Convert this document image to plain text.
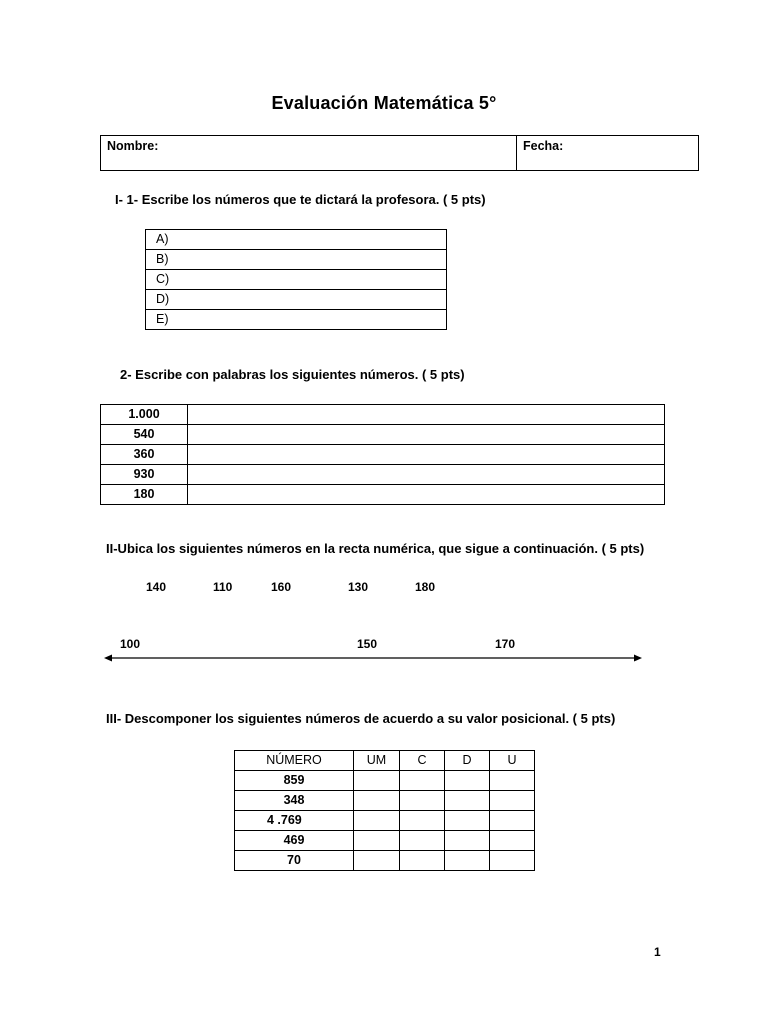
Evaluación Matemática 5°
Nombre:	Fecha:
I- 1- Escribe los números que te dictará la profesora. ( 5 pts)
A)
B)
C)
D)
E)
2- Escribe con palabras los siguientes números. ( 5 pts)
1.000	
540	
360	
930	
180	
II-Ubica los siguientes números en la recta numérica, que sigue a continuación. ( 5 pts)
140	110	160	130	180
100	150	170
III- Descomponer los siguientes números de acuerdo a su valor posicional. ( 5 pts)
NÚMERO	UM	C	D	U
859				
348				
4 .769				
469				
70				
1
